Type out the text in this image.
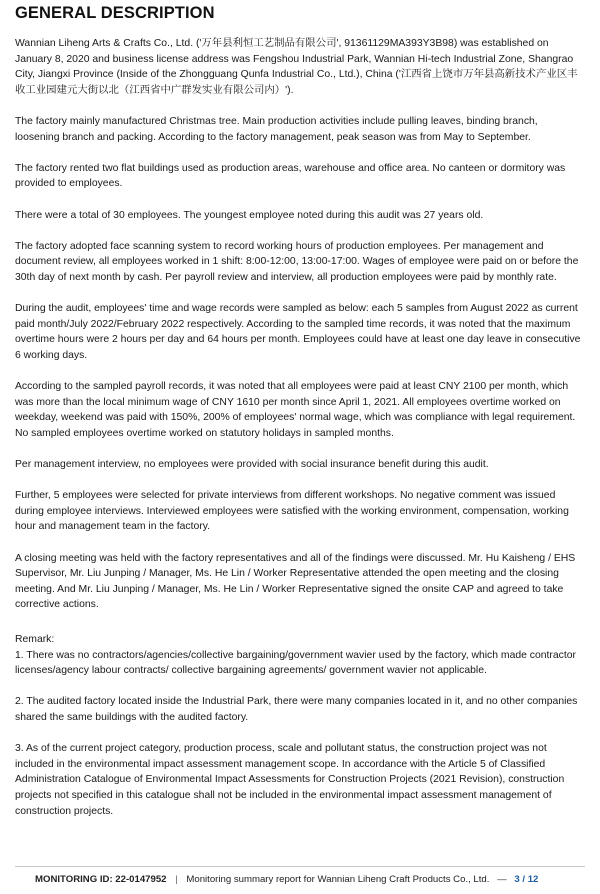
GENERAL DESCRIPTION

Wannian Liheng Arts & Crafts Co., Ltd. ('万年县利恒工艺制品有限公司', 91361129MA393Y3B98) was established on January 8, 2020 and business license address was Fengshou Industrial Park, Wannian Hi-tech Industrial Zone, Shangrao City, Jiangxi Province (Inside of the Zhongguang Qunfa Industrial Co., Ltd.), China ('江西省上饶市万年县高新技术产业区丰收工业园建元大街以北（江西省中广群发实业有限公司内）').

The factory mainly manufactured Christmas tree. Main production activities include pulling leaves, binding branch, loosening branch and packing. According to the factory management, peak season was from May to September.

The factory rented two flat buildings used as production areas, warehouse and office area. No canteen or dormitory was provided to employees.

There were a total of 30 employees. The youngest employee noted during this audit was 27 years old.

The factory adopted face scanning system to record working hours of production employees. Per management and document review, all employees worked in 1 shift: 8:00-12:00, 13:00-17:00. Wages of employee were paid on or before the 30th day of next month by cash. Per payroll review and interview, all production employees were paid by monthly rate.

During the audit, employees' time and wage records were sampled as below: each 5 samples from August 2022 as current paid month/July 2022/February 2022 respectively. According to the sampled time records, it was noted that the maximum overtime hours were 2 hours per day and 64 hours per month. Employees could have at least one day leave in consecutive 6 working days.

According to the sampled payroll records, it was noted that all employees were paid at least CNY 2100 per month, which was more than the local minimum wage of CNY 1610 per month since April 1, 2021. All employees overtime worked on weekday, weekend was paid with 150%, 200% of employees' normal wage, which was compliance with legal requirement. No sampled employees overtime worked on statutory holidays in sampled months.

Per management interview, no employees were provided with social insurance benefit during this audit.

Further, 5 employees were selected for private interviews from different workshops. No negative comment was issued during employee interviews. Interviewed employees were satisfied with the working environment, compensation, working hour and management team in the factory.

A closing meeting was held with the factory representatives and all of the findings were discussed. Mr. Hu Kaisheng / EHS Supervisor, Mr. Liu Junping / Manager, Ms. He Lin / Worker Representative attended the open meeting and the closing meeting. And Mr. Liu Junping / Manager, Ms. He Lin / Worker Representative signed the onsite CAP and agreed to take corrective actions.

Remark:

1. There was no contractors/agencies/collective bargaining/government wavier used by the factory, which made contractor licenses/agency labour contracts/ collective bargaining agreements/ government wavier not applicable.

2. The audited factory located inside the Industrial Park, there were many companies located in it, and no other companies shared the same buildings with the audited factory.

3. As of the current project category, production process, scale and pollutant status, the construction project was not included in the environmental impact assessment management scope. In accordance with the Article 5 of Classified Administration Catalogue of Environmental Impact Assessments for Construction Projects (2021 Revision), construction projects not specified in this catalogue shall not be included in the environmental impact assessment management of construction projects.

MONITORING ID: 22-0147952 | Monitoring summary report for Wannian Liheng Craft Products Co., Ltd. — 3 / 12
